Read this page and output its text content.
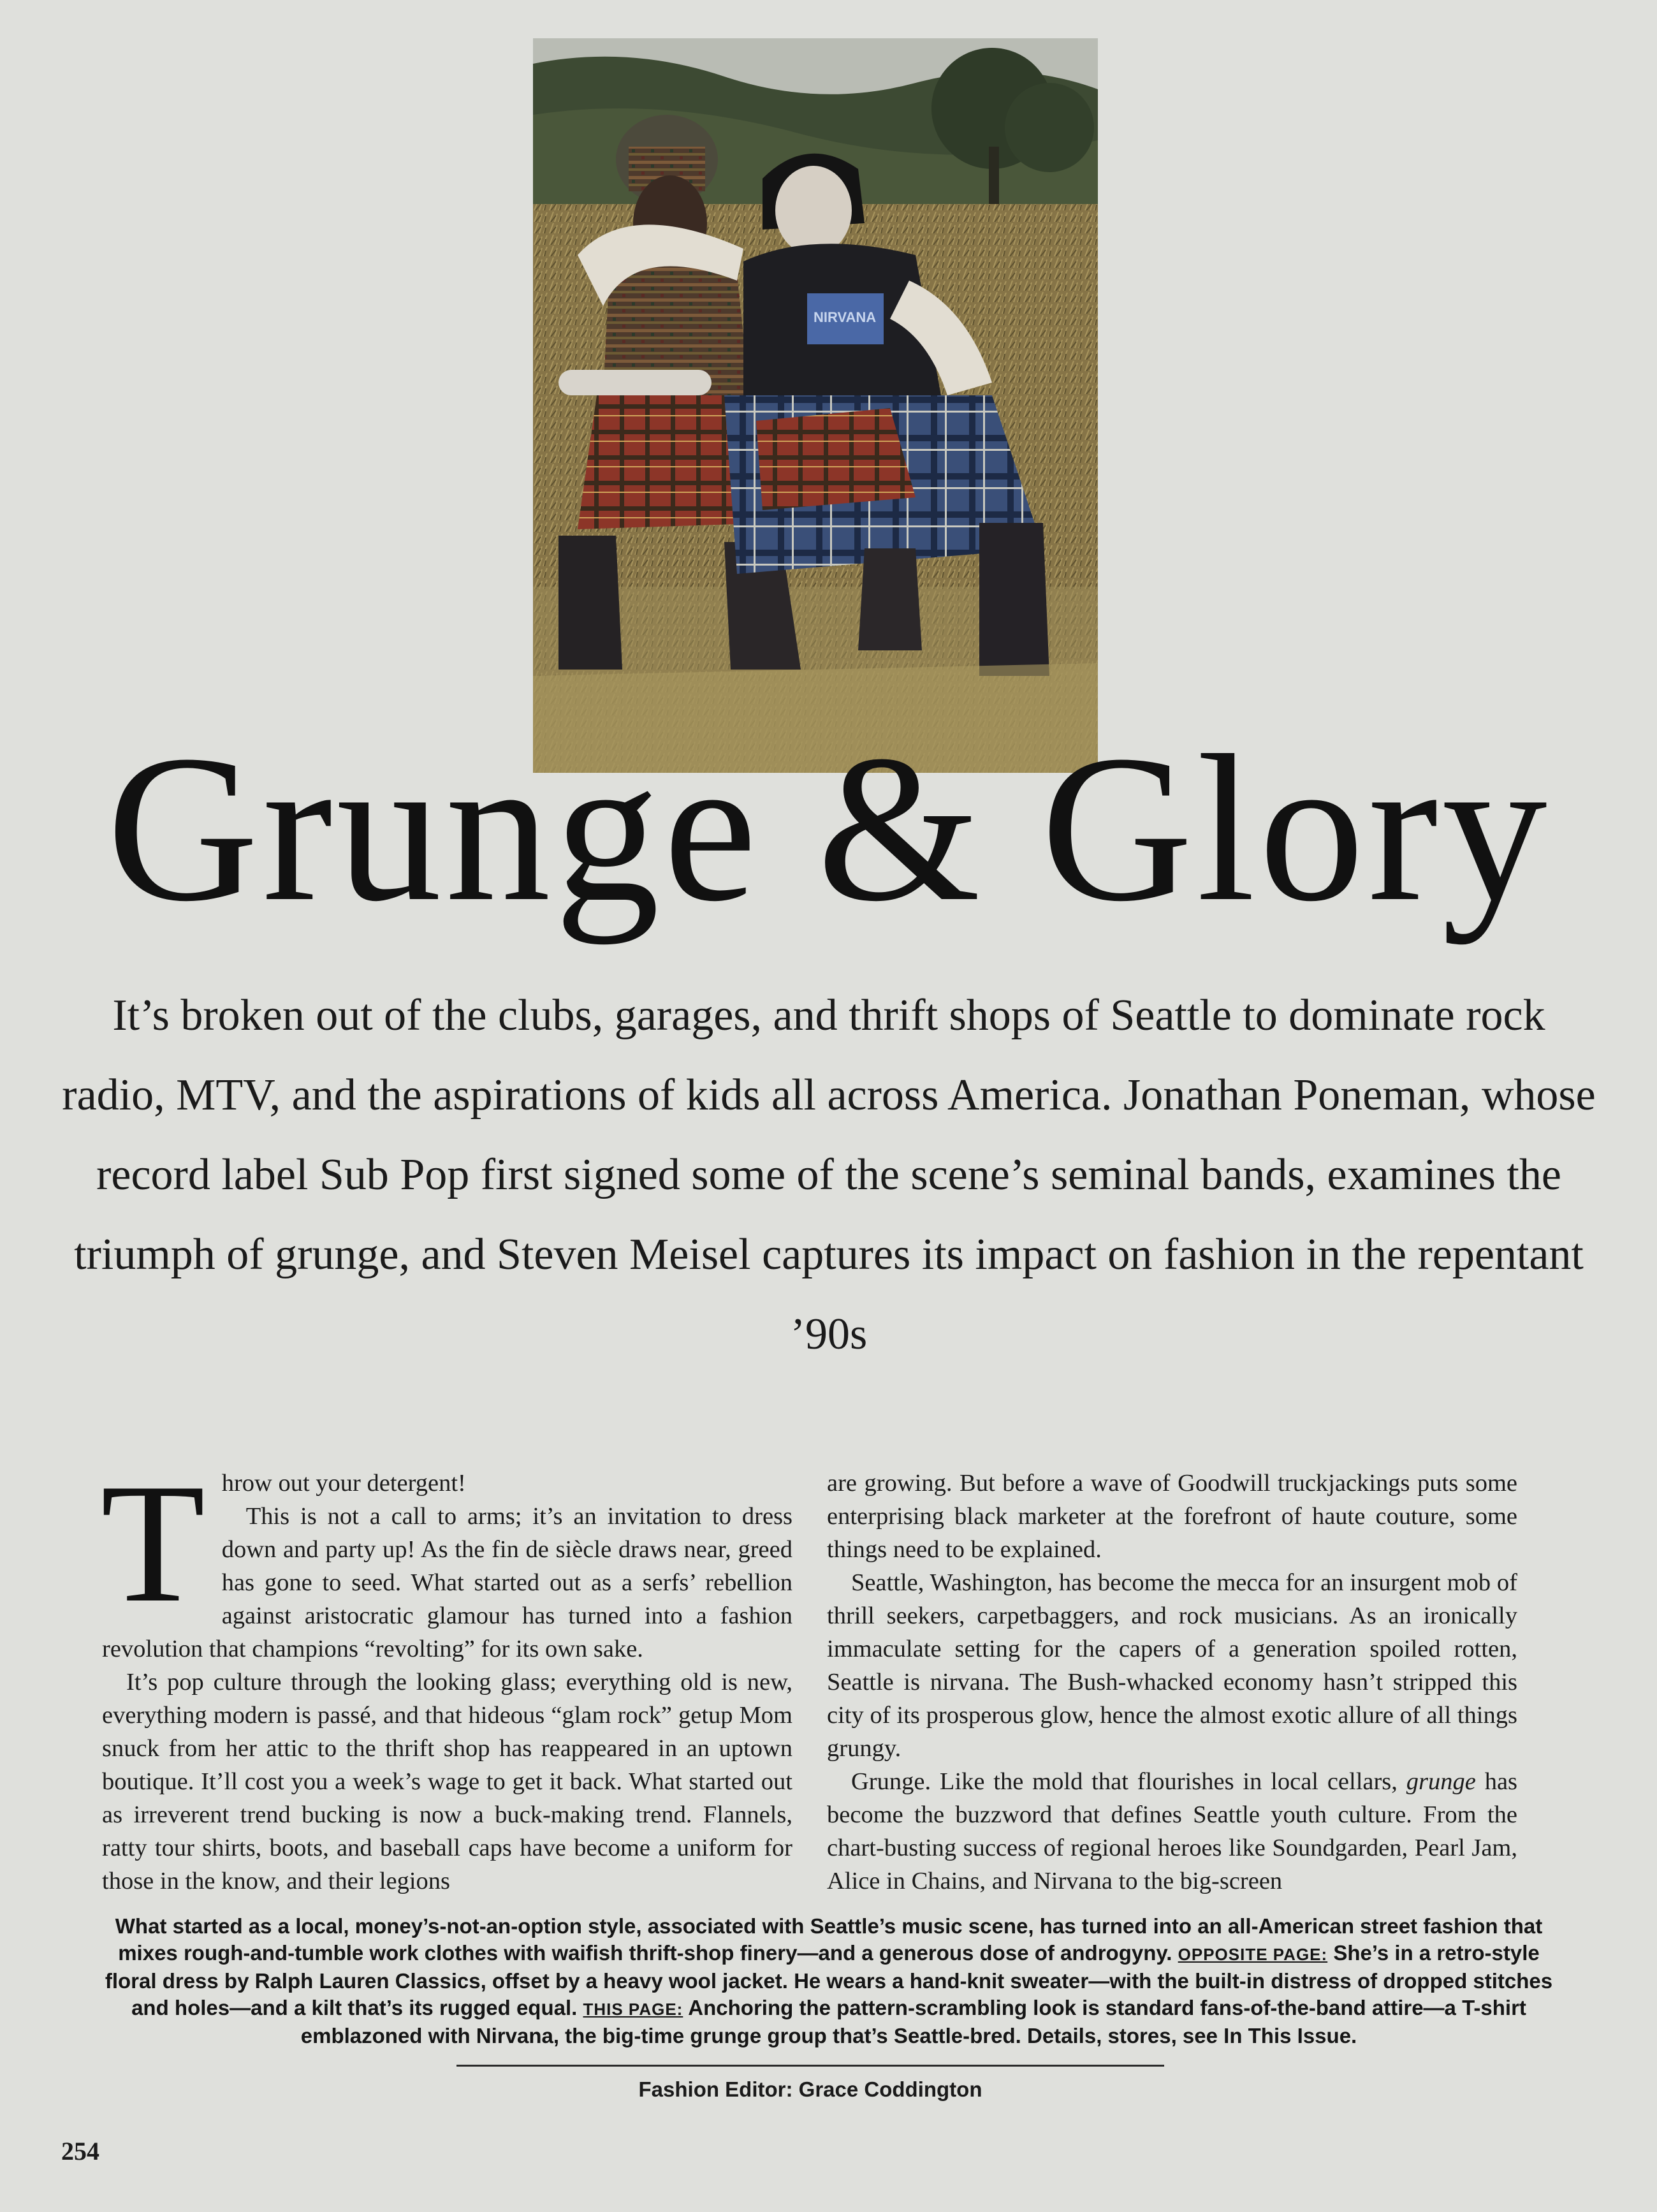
NIRVANA
Grunge & Glory

It’s broken out of the clubs, garages, and thrift shops of Seattle to dominate rock radio, MTV, and the aspirations of kids all across America. Jonathan Poneman, whose record label Sub Pop first signed some of the scene’s seminal bands, examines the triumph of grunge, and Steven Meisel captures its impact on fashion in the repentant ’90s

Throw out your detergent!

This is not a call to arms; it’s an invitation to dress down and party up! As the fin de siècle draws near, greed has gone to seed. What started out as a serfs’ rebellion against aristocratic glamour has turned into a fashion revolution that champions “revolting” for its own sake.

It’s pop culture through the looking glass; everything old is new, everything modern is passé, and that hideous “glam rock” getup Mom snuck from her attic to the thrift shop has reappeared in an uptown boutique. It’ll cost you a week’s wage to get it back. What started out as irreverent trend bucking is now a buck-making trend. Flannels, ratty tour shirts, boots, and baseball caps have become a uniform for those in the know, and their legions

are growing. But before a wave of Goodwill truckjackings puts some enterprising black marketer at the forefront of haute couture, some things need to be explained.

Seattle, Washington, has become the mecca for an insurgent mob of thrill seekers, carpetbaggers, and rock musicians. As an ironically immaculate setting for the capers of a generation spoiled rotten, Seattle is nirvana. The Bush-whacked economy hasn’t stripped this city of its prosperous glow, hence the almost exotic allure of all things grungy.

Grunge. Like the mold that flourishes in local cellars, grunge has become the buzzword that defines Seattle youth culture. From the chart-busting success of regional heroes like Soundgarden, Pearl Jam, Alice in Chains, and Nirvana to the big-screen

What started as a local, money’s-not-an-option style, associated with Seattle’s music scene, has turned into an all-American street fashion that mixes rough-and-tumble work clothes with waifish thrift-shop finery—and a generous dose of androgyny. OPPOSITE PAGE: She’s in a retro-style floral dress by Ralph Lauren Classics, offset by a heavy wool jacket. He wears a hand-knit sweater—with the built-in distress of dropped stitches and holes—and a kilt that’s its rugged equal. THIS PAGE: Anchoring the pattern-scrambling look is standard fans-of-the-band attire—a T-shirt emblazoned with Nirvana, the big-time grunge group that’s Seattle-bred. Details, stores, see In This Issue.

Fashion Editor: Grace Coddington
254
